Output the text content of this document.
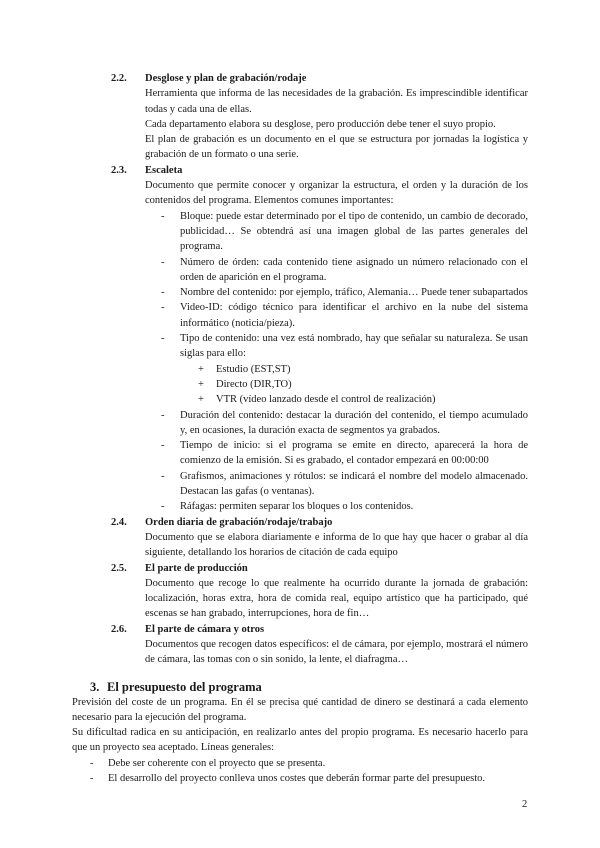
2.2. Desglose y plan de grabación/rodaje
Herramienta que informa de las necesidades de la grabación. Es imprescindible identificar todas y cada una de ellas.
Cada departamento elabora su desglose, pero producción debe tener el suyo propio.
El plan de grabación es un documento en el que se estructura por jornadas la logística y grabación de un formato o una serie.
2.3. Escaleta
Documento que permite conocer y organizar la estructura, el orden y la duración de los contenidos del programa. Elementos comunes importantes:
- Bloque: puede estar determinado por el tipo de contenido, un cambio de decorado, publicidad… Se obtendrá así una imagen global de las partes generales del programa.
- Número de órden: cada contenido tiene asignado un número relacionado con el orden de aparición en el programa.
- Nombre del contenido: por ejemplo, tráfico, Alemania… Puede tener subapartados
- Video-ID: código técnico para identificar el archivo en la nube del sistema informático (noticia/pieza).
- Tipo de contenido: una vez está nombrado, hay que señalar su naturaleza. Se usan siglas para ello:
+ Estudio (EST,ST)
+ Directo (DIR,TO)
+ VTR (vídeo lanzado desde el control de realización)
- Duración del contenido: destacar la duración del contenido, el tiempo acumulado y, en ocasiones, la duración exacta de segmentos ya grabados.
- Tiempo de inicio: si el programa se emite en directo, aparecerá la hora de comienzo de la emisión. Si es grabado, el contador empezará en 00:00:00
- Grafismos, animaciones y rótulos: se indicará el nombre del modelo almacenado. Destacan las gafas (o ventanas).
- Ráfagas: permiten separar los bloques o los contenidos.
2.4. Orden diaria de grabación/rodaje/trabajo
Documento que se elabora diariamente e informa de lo que hay que hacer o grabar al día siguiente, detallando los horarios de citación de cada equipo
2.5. El parte de producción
Documento que recoge lo que realmente ha ocurrido durante la jornada de grabación: localización, horas extra, hora de comida real, equipo artístico que ha participado, qué escenas se han grabado, interrupciones, hora de fin…
2.6. El parte de cámara y otros
Documentos que recogen datos específicos: el de cámara, por ejemplo, mostrará el número de cámara, las tomas con o sin sonido, la lente, el diafragma…
3. El presupuesto del programa
Previsión del coste de un programa. En él se precisa qué cantidad de dinero se destinará a cada elemento necesario para la ejecución del programa.
Su dificultad radica en su anticipación, en realizarlo antes del propio programa. Es necesario hacerlo para que un proyecto sea aceptado. Líneas generales:
- Debe ser coherente con el proyecto que se presenta.
- El desarrollo del proyecto conlleva unos costes que deberán formar parte del presupuesto.
2
